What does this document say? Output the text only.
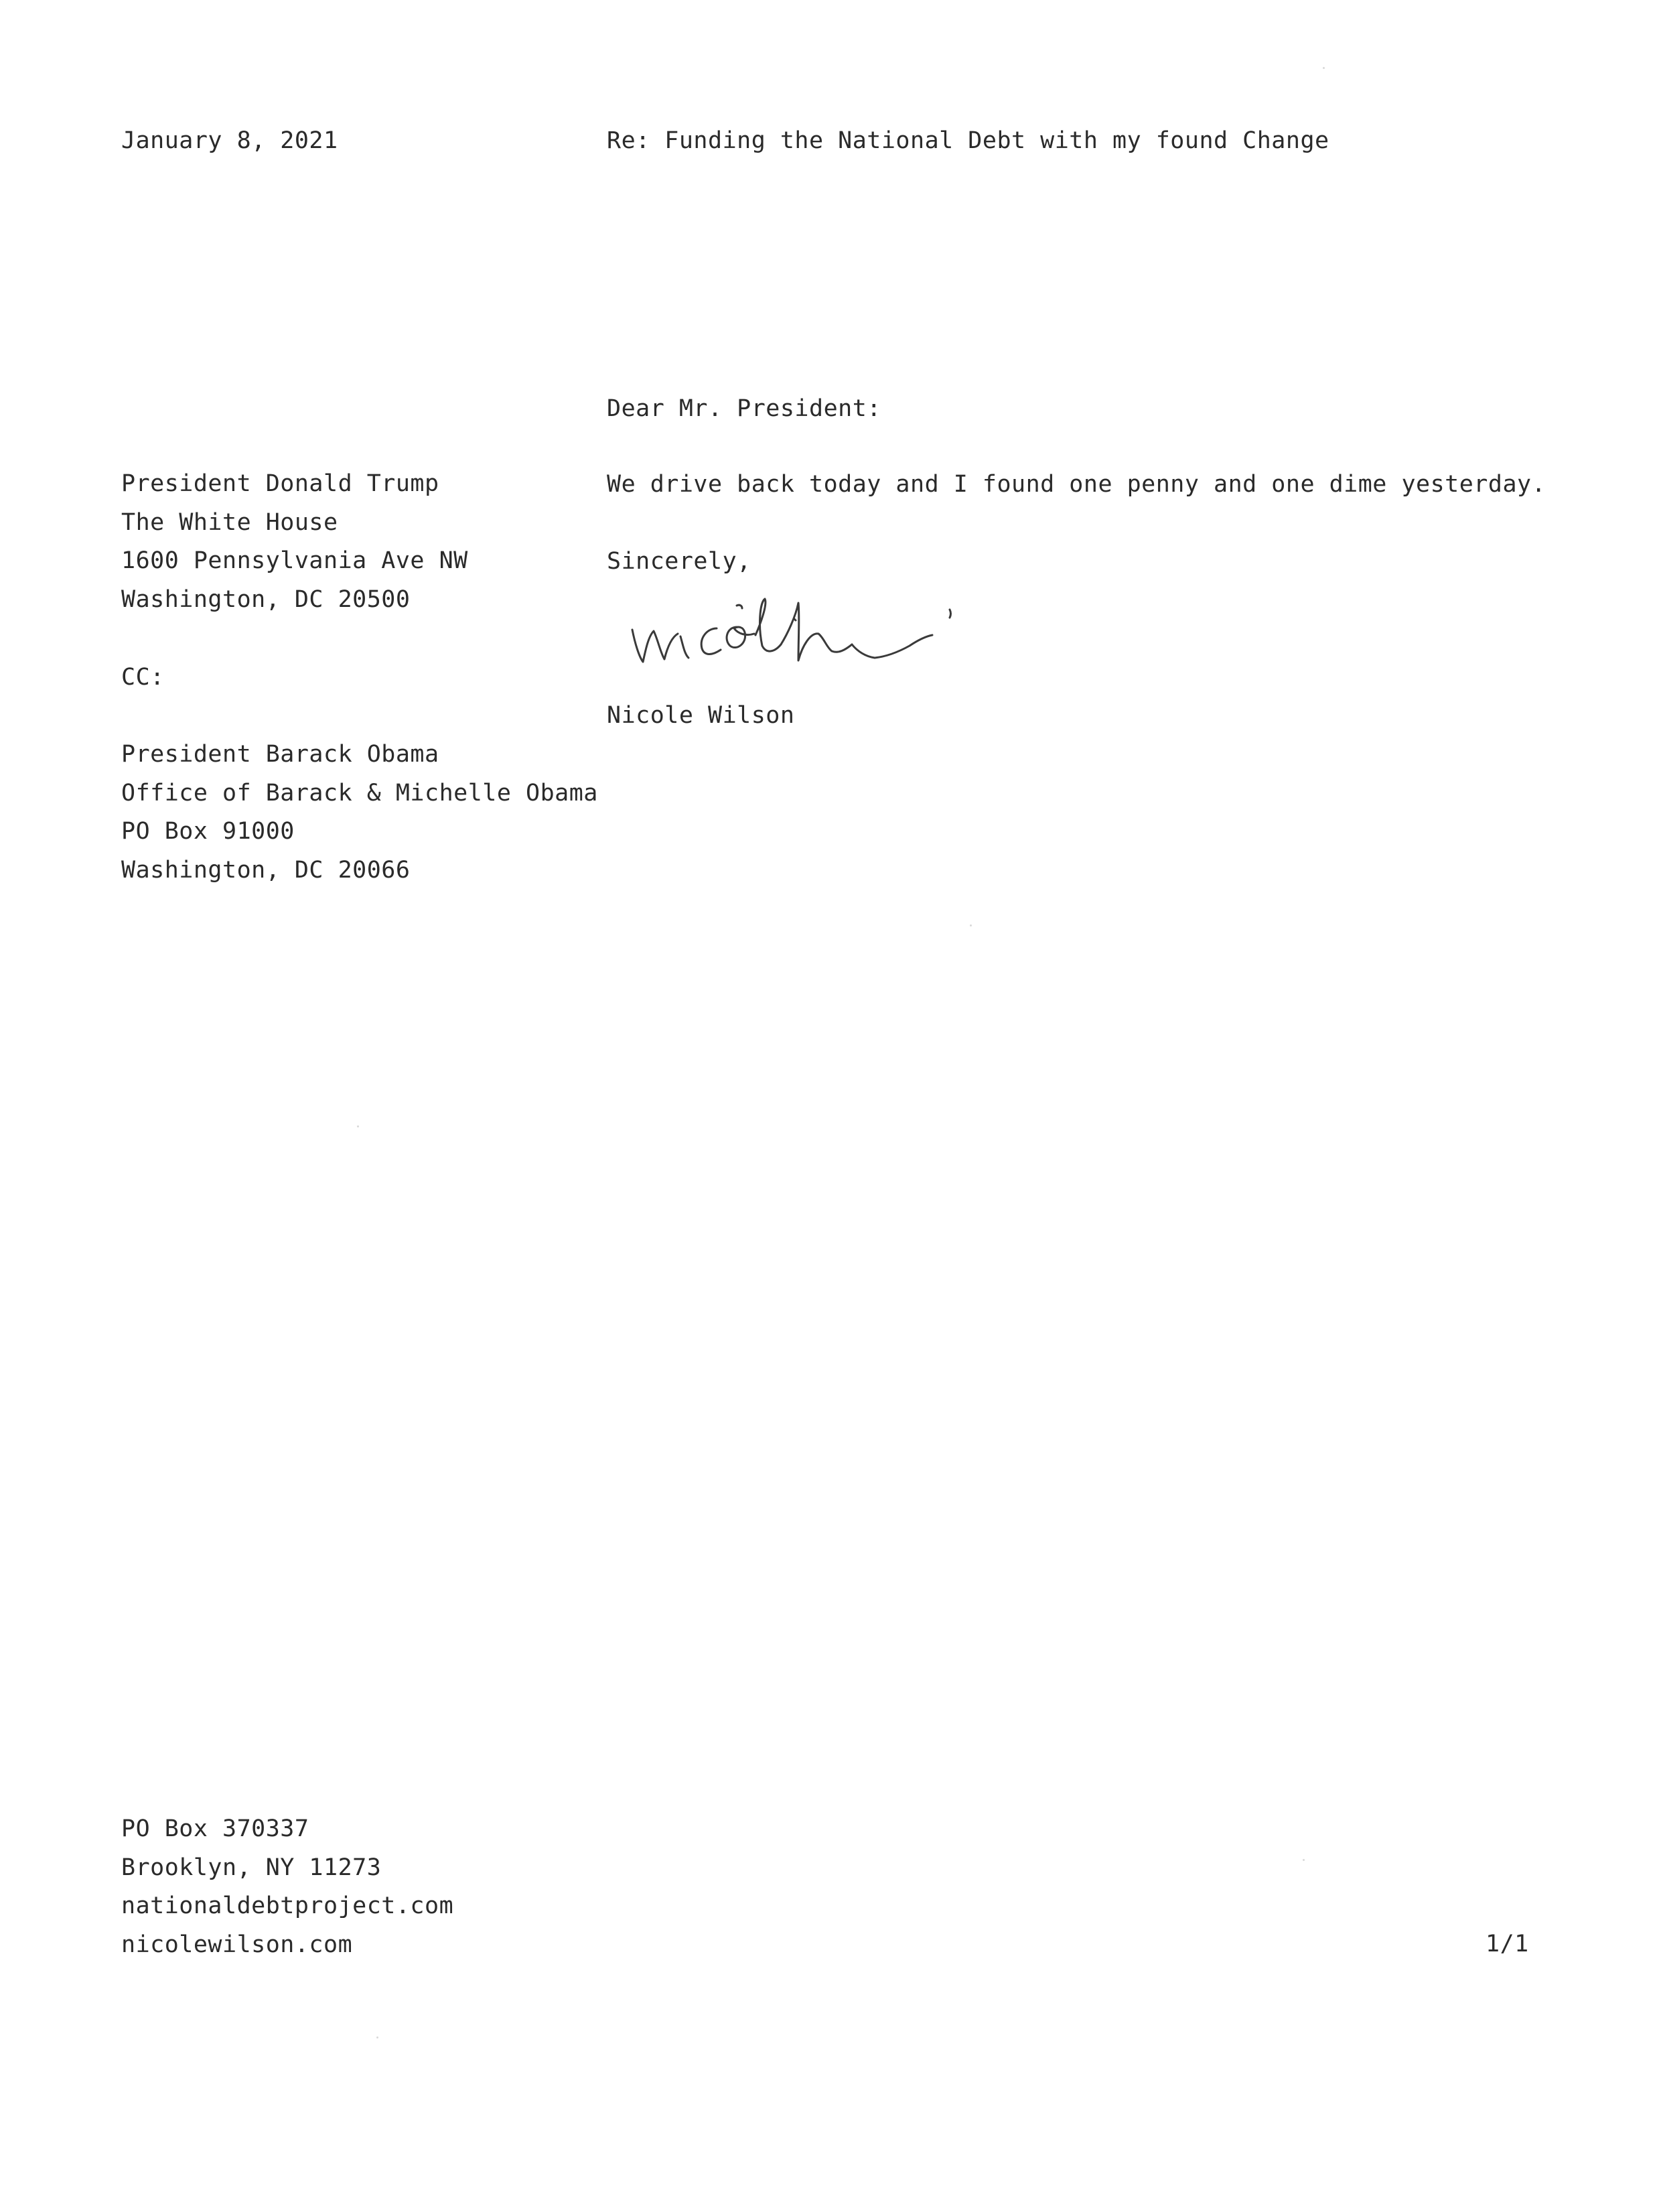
January 8, 2021	Re: Funding the National Debt with my found Change
Dear Mr. President:
We drive back today and I found one penny and one dime yesterday.
Sincerely,
Nicole Wilson
President Donald Trump
The White House
1600 Pennsylvania Ave NW
Washington, DC 20500
CC:
President Barack Obama
Office of Barack & Michelle Obama
PO Box 91000
Washington, DC 20066
PO Box 370337
Brooklyn, NY 11273
nationaldebtproject.com
nicolewilson.com	1/1
